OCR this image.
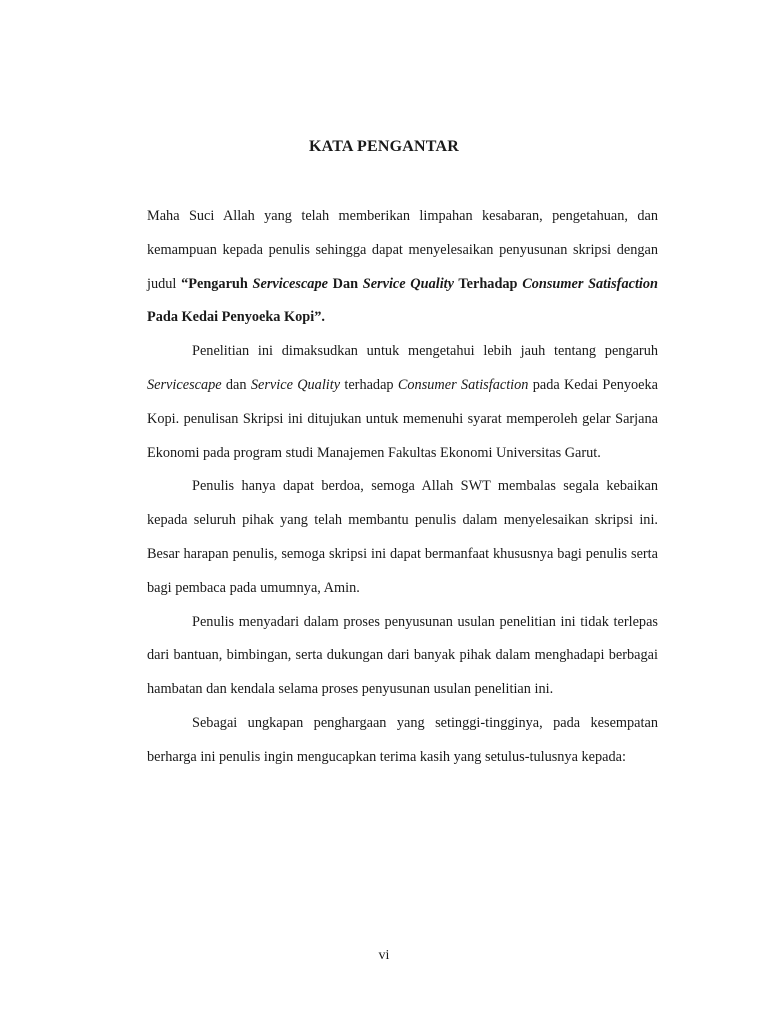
KATA PENGANTAR

Maha Suci Allah yang telah memberikan limpahan kesabaran, pengetahuan, dan kemampuan kepada penulis sehingga dapat menyelesaikan penyusunan skripsi dengan judul “Pengaruh Servicescape Dan Service Quality Terhadap Consumer Satisfaction Pada Kedai Penyoeka Kopi”.

Penelitian ini dimaksudkan untuk mengetahui lebih jauh tentang pengaruh Servicescape dan Service Quality terhadap Consumer Satisfaction pada Kedai Penyoeka Kopi. penulisan Skripsi ini ditujukan untuk memenuhi syarat memperoleh gelar Sarjana Ekonomi pada program studi Manajemen Fakultas Ekonomi Universitas Garut.

Penulis hanya dapat berdoa, semoga Allah SWT membalas segala kebaikan kepada seluruh pihak yang telah membantu penulis dalam menyelesaikan skripsi ini. Besar harapan penulis, semoga skripsi ini dapat bermanfaat khususnya bagi penulis serta bagi pembaca pada umumnya, Amin.

Penulis menyadari dalam proses penyusunan usulan penelitian ini tidak terlepas dari bantuan, bimbingan, serta dukungan dari banyak pihak dalam menghadapi berbagai hambatan dan kendala selama proses penyusunan usulan penelitian ini.

Sebagai ungkapan penghargaan yang setinggi-tingginya, pada kesempatan berharga ini penulis ingin mengucapkan terima kasih yang setulus-tulusnya kepada:

vi
